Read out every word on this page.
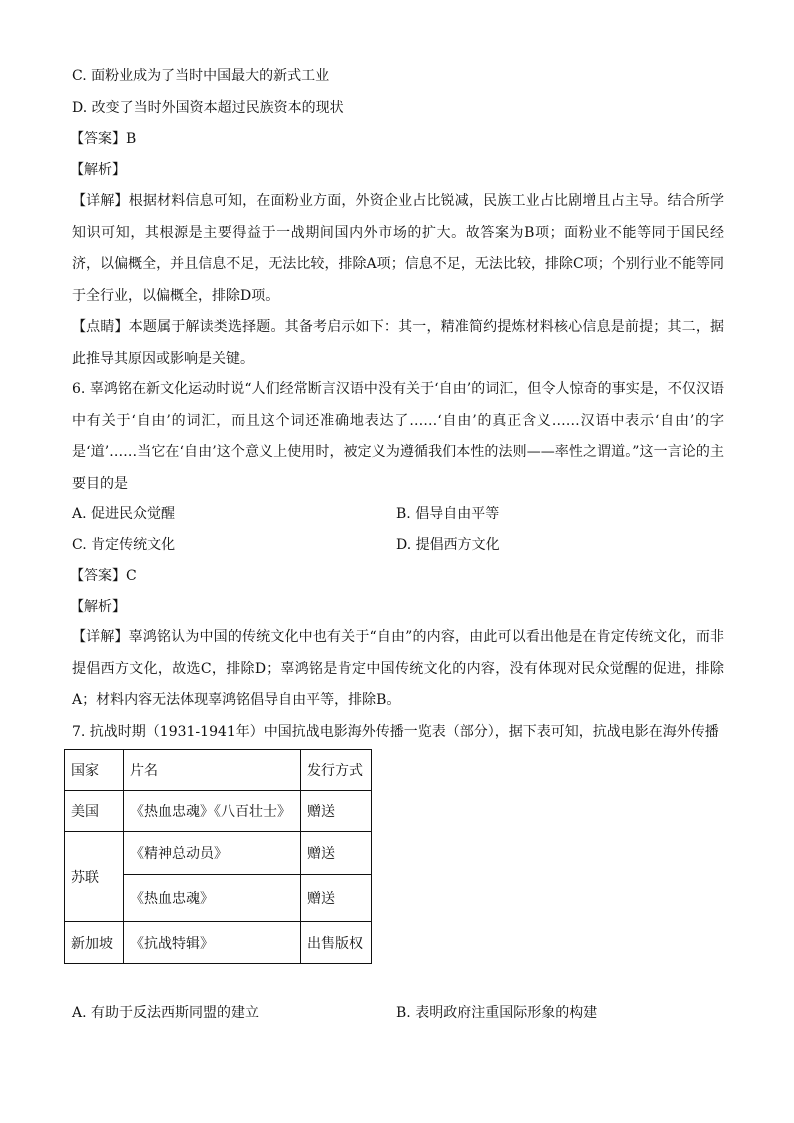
C. 面粉业成为了当时中国最大的新式工业
D. 改变了当时外国资本超过民族资本的现状
【答案】B
【解析】
【详解】根据材料信息可知，在面粉业方面，外资企业占比锐减，民族工业占比剧增且占主导。结合所学知识可知，其根源是主要得益于一战期间国内外市场的扩大。故答案为B项；面粉业不能等同于国民经济，以偏概全，并且信息不足，无法比较，排除A项；信息不足，无法比较，排除C项；个别行业不能等同于全行业，以偏概全，排除D项。
【点睛】本题属于解读类选择题。其备考启示如下：其一，精准简约提炼材料核心信息是前提；其二，据此推导其原因或影响是关键。
6. 辜鸿铭在新文化运动时说“人们经常断言汉语中没有关于‘自由’的词汇，但令人惊奇的事实是，不仅汉语中有关于‘自由’的词汇，而且这个词还准确地表达了……‘自由’的真正含义……汉语中表示‘自由’的字是‘道’……当它在‘自由’这个意义上使用时，被定义为遵循我们本性的法则——率性之谓道。”这一言论的主要目的是
A. 促进民众觉醒	B. 倡导自由平等
C. 肯定传统文化	D. 提倡西方文化
【答案】C
【解析】
【详解】辜鸿铭认为中国的传统文化中也有关于“自由”的内容，由此可以看出他是在肯定传统文化，而非提倡西方文化，故选C，排除D；辜鸿铭是肯定中国传统文化的内容，没有体现对民众觉醒的促进，排除A；材料内容无法体现辜鸿铭倡导自由平等，排除B。
7. 抗战时期（1931-1941年）中国抗战电影海外传播一览表（部分），据下表可知，抗战电影在海外传播
国家	片名	发行方式
美国	《热血忠魂》《八百壮士》	赠送
苏联	《精神总动员》	赠送
	《热血忠魂》	赠送
新加坡	《抗战特辑》	出售版权
A. 有助于反法西斯同盟的建立	B. 表明政府注重国际形象的构建
